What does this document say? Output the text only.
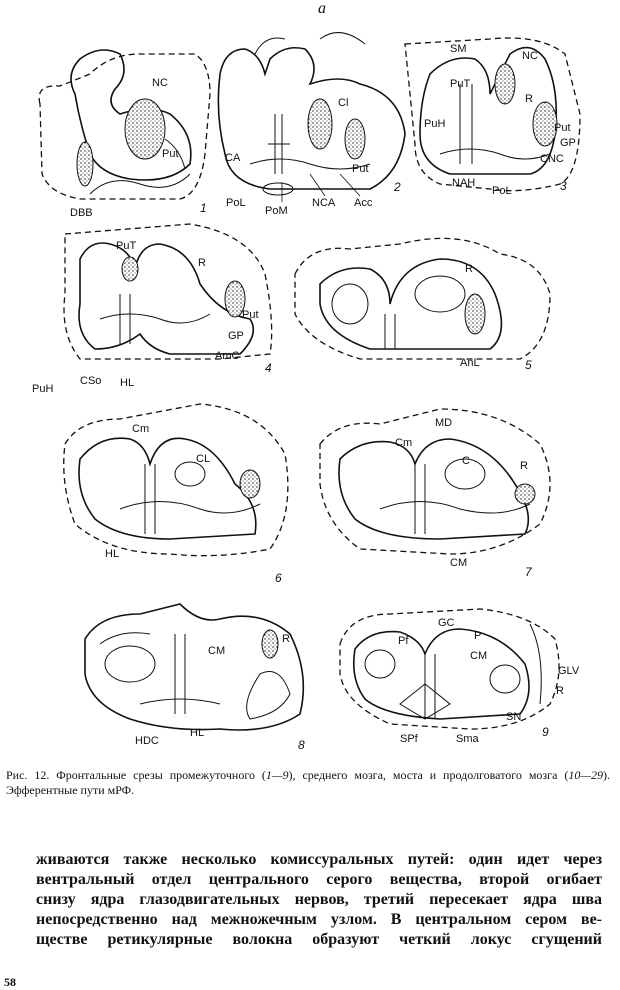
а
NC
Put
DBB	1
Cl
CA
Put
PoL
PoM
NCA Acc
2
SM
NC
PuT
R
PuH	Put
GP
CNC
NAH
PoL	3
PuT
R
Put
GP
AmC
PuH
CSo HL
4
R
AnL	5
Cm
CL
HL
6
MD
Cm
C	R
CM
7
R
CM
HDC
HL
8
GC
Pf	P
CM
GLV
R
SN
SPf	Sma	9
Рис. 12. Фронтальные срезы промежуточного (1—9), среднего мозга, моста и продолговатого мозга (10—29). Эфферентные пути мРФ.
живаются также несколько комиссуральных путей: один идет через
вентральный отдел центрального серого вещества, второй огибает
снизу ядра глазодвигательных нервов, третий пересекает ядра шва
непосредственно над межножечным узлом. В центральном сером ве-
ществе ретикулярные волокна образуют четкий локус сгущений
58
